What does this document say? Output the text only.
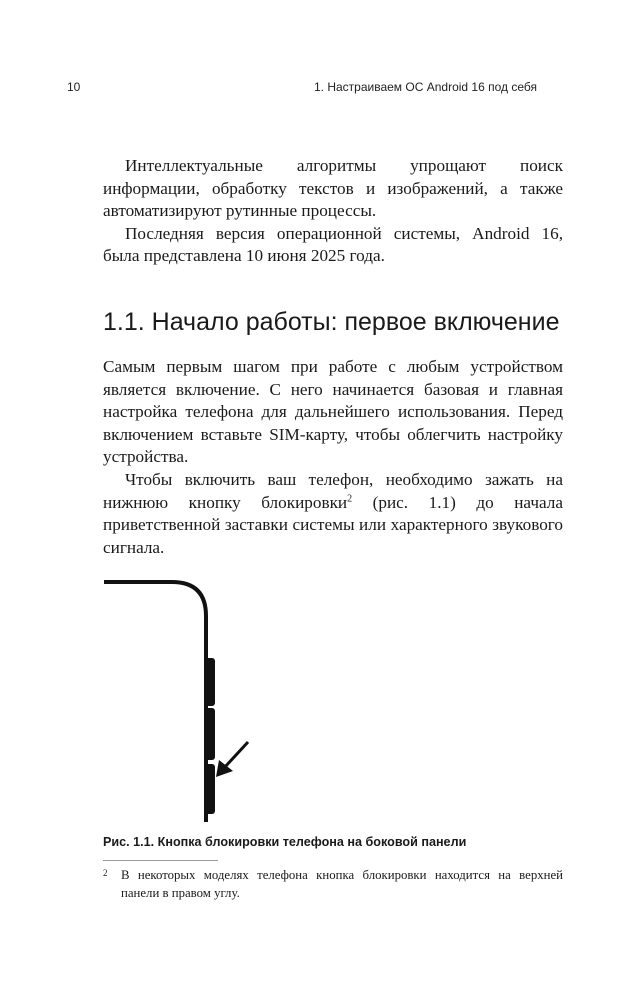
10	1. Настраиваем ОС Android 16 под себя

Интеллектуальные алгоритмы упрощают поиск информации, обработку текстов и изображений, а также автоматизируют рутинные процессы.

Последняя версия операционной системы, Android 16, была представлена 10 июня 2025 года.

1.1. Начало работы: первое включение

Самым первым шагом при работе с любым устройством является включение. С него начинается базовая и главная настройка телефона для дальнейшего использования. Перед включением вставьте SIM-карту, чтобы облегчить настройку устройства.

Чтобы включить ваш телефон, необходимо зажать на нижнюю кнопку блокировки$^2$ (рис. 1.1) до начала приветственной заставки системы или характерного звукового сигнала.

Рис. 1.1. Кнопка блокировки телефона на боковой панели
2 В некоторых моделях телефона кнопка блокировки находится на верхней панели в правом углу.
